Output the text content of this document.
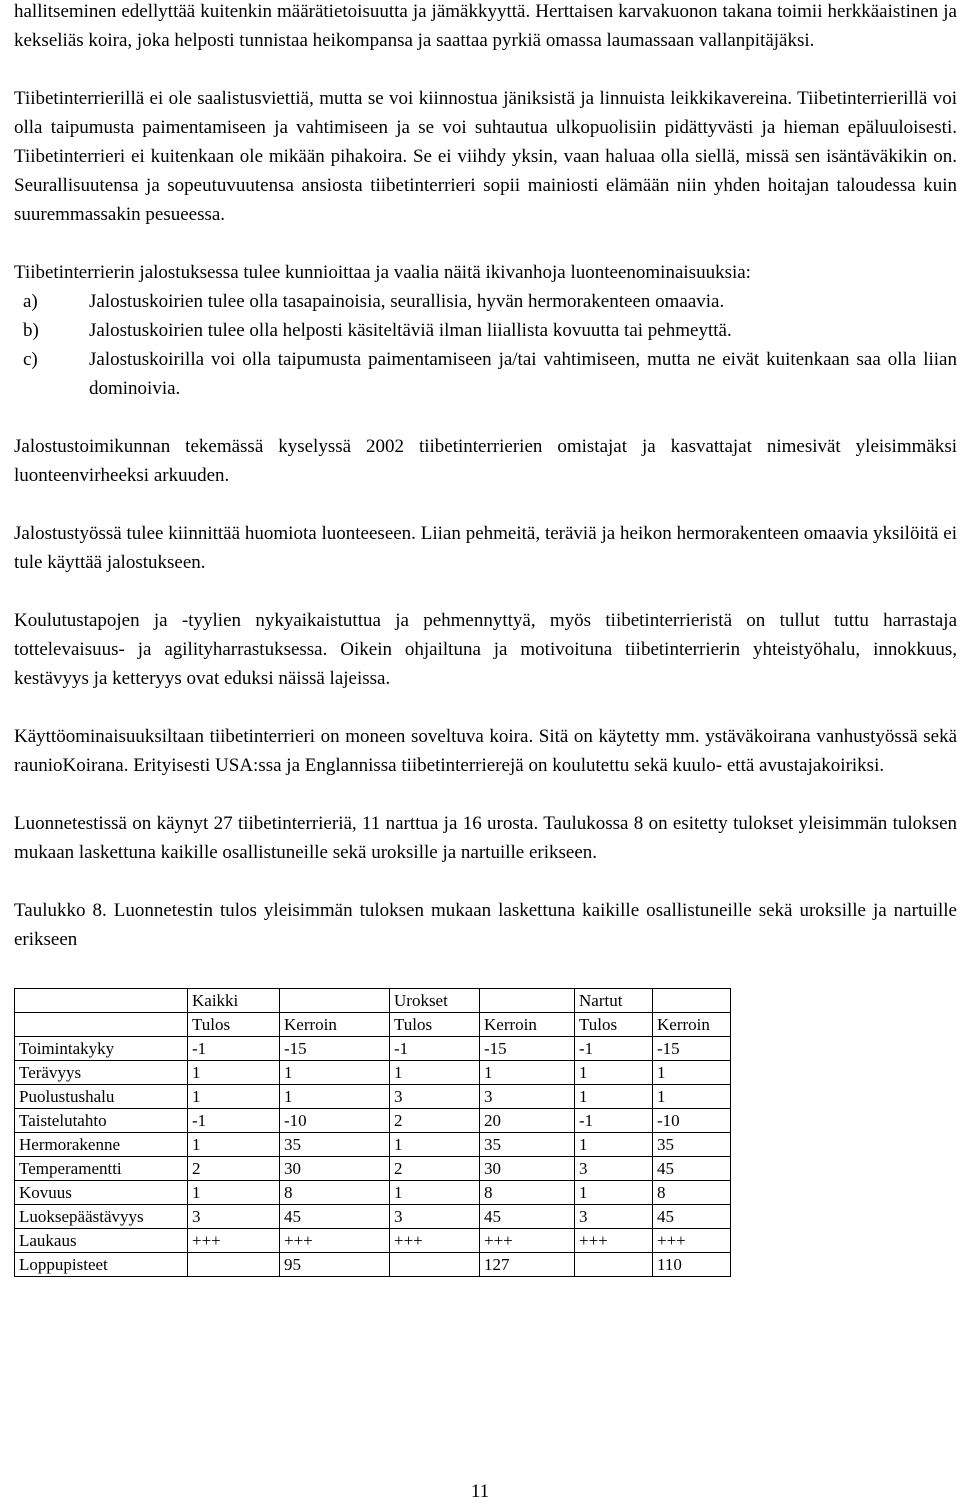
hallitseminen edellyttää kuitenkin määrätietoisuutta ja jämäkkyyttä. Herttaisen karvakuonon takana toimii herkkäaistinen ja kekseliäs koira, joka helposti tunnistaa heikompansa ja saattaa pyrkiä omassa laumassaan vallanpitäjäksi.

Tiibetinterrierillä ei ole saalistusviettiä, mutta se voi kiinnostua jäniksistä ja linnuista leikkikavereina. Tiibetinterrierillä voi olla taipumusta paimentamiseen ja vahtimiseen ja se voi suhtautua ulkopuolisiin pidättyvästi ja hieman epäluuloisesti. Tiibetinterrieri ei kuitenkaan ole mikään pihakoira. Se ei viihdy yksin, vaan haluaa olla siellä, missä sen isäntäväkikin on. Seurallisuutensa ja sopeutuvuutensa ansiosta tiibetinterrieri sopii mainiosti elämään niin yhden hoitajan taloudessa kuin suuremmassakin pesueessa.

Tiibetinterrierin jalostuksessa tulee kunnioittaa ja vaalia näitä ikivanhoja luonteenominaisuuksia:

a)	Jalostuskoirien tulee olla tasapainoisia, seurallisia, hyvän hermorakenteen omaavia.
b)	Jalostuskoirien tulee olla helposti käsiteltäviä ilman liiallista kovuutta tai pehmeyttä.
c)	Jalostuskoirilla voi olla taipumusta paimentamiseen ja/tai vahtimiseen, mutta ne eivät kuitenkaan saa olla liian dominoivia.

Jalostustoimikunnan tekemässä kyselyssä 2002 tiibetinterrierien omistajat ja kasvattajat nimesivät yleisimmäksi luonteenvirheeksi arkuuden.

Jalostustyössä tulee kiinnittää huomiota luonteeseen. Liian pehmeitä, teräviä ja heikon hermorakenteen omaavia yksilöitä ei tule käyttää jalostukseen.

Koulutustapojen ja -tyylien nykyaikaistuttua ja pehmennyttyä, myös tiibetinterrieristä on tullut tuttu harrastaja tottelevaisuus- ja agilityharrastuksessa. Oikein ohjailtuna ja motivoituna tiibetinterrierin yhteistyöhalu, innokkuus, kestävyys ja ketteryys ovat eduksi näissä lajeissa.

Käyttöominaisuuksiltaan tiibetinterrieri on moneen soveltuva koira. Sitä on käytetty mm. ystäväkoirana vanhustyössä sekä raunioKoirana. Erityisesti USA:ssa ja Englannissa tiibetinterrierejä on koulutettu sekä kuulo- että avustajakoiriksi.

Luonnetestissä on käynyt 27 tiibetinterrieriä, 11 narttua ja 16 urosta. Taulukossa 8 on esitetty tulokset yleisimmän tuloksen mukaan laskettuna kaikille osallistuneille sekä uroksille ja nartuille erikseen.

Taulukko 8. Luonnetestin tulos yleisimmän tuloksen mukaan laskettuna kaikille osallistuneille sekä uroksille ja nartuille erikseen

	Kaikki		Urokset		Nartut	
	Tulos	Kerroin	Tulos	Kerroin	Tulos	Kerroin
Toimintakyky	-1	-15	-1	-15	-1	-15
Terävyys	1	1	1	1	1	1
Puolustushalu	1	1	3	3	1	1
Taistelutahto	-1	-10	2	20	-1	-10
Hermorakenne	1	35	1	35	1	35
Temperamentti	2	30	2	30	3	45
Kovuus	1	8	1	8	1	8
Luoksepäästävyys	3	45	3	45	3	45
Laukaus	+++	+++	+++	+++	+++	+++
Loppupisteet		95		127		110
11
